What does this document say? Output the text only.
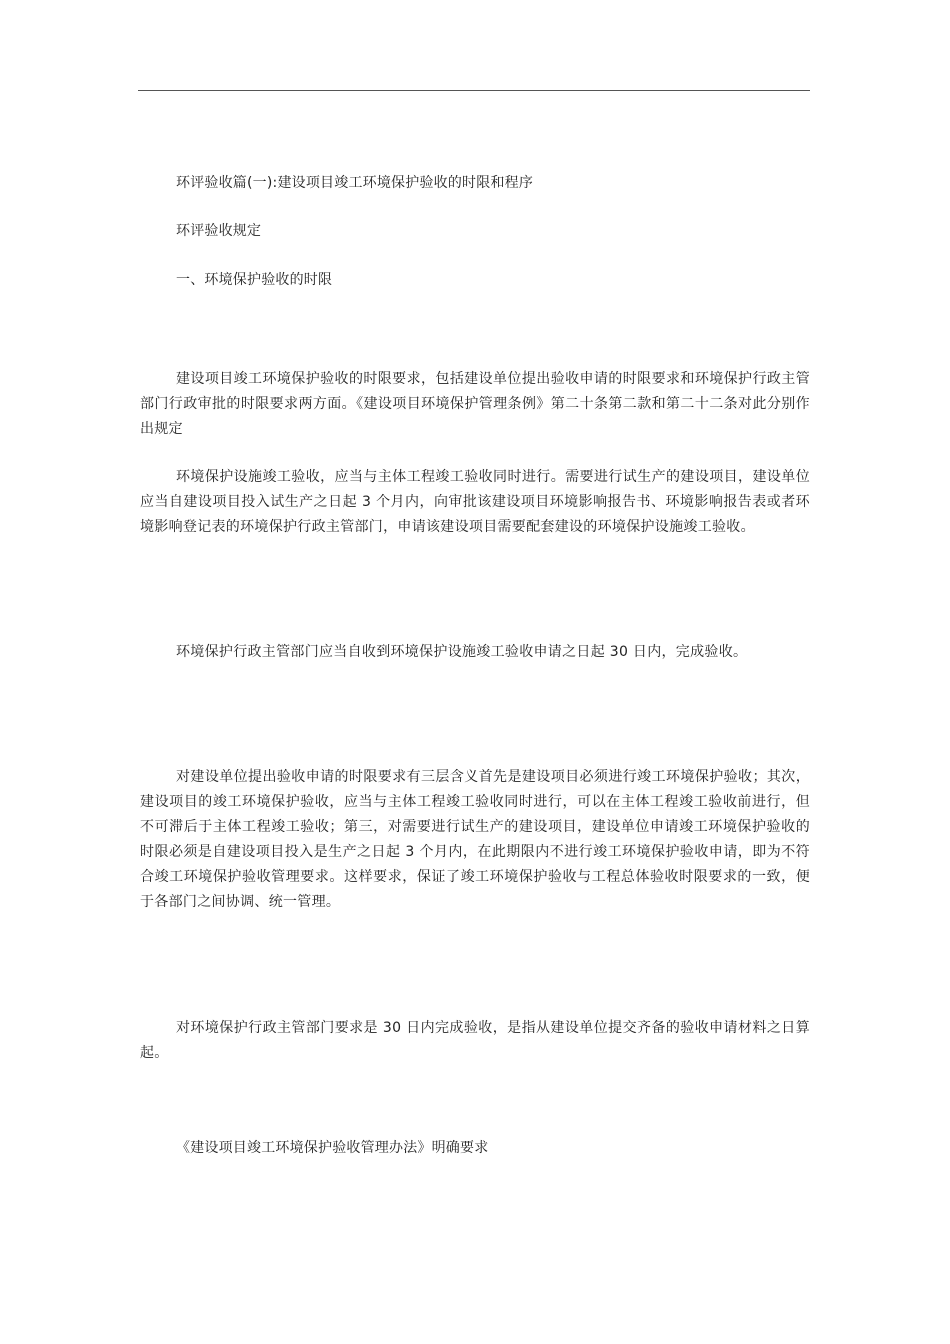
环评验收篇(一):建设项目竣工环境保护验收的时限和程序
环评验收规定
一、环境保护验收的时限
建设项目竣工环境保护验收的时限要求，包括建设单位提出验收申请的时限要求和环境保护行政主管部门行政审批的时限要求两方面。《建设项目环境保护管理条例》第二十条第二款和第二十二条对此分别作出规定
环境保护设施竣工验收，应当与主体工程竣工验收同时进行。需要进行试生产的建设项目，建设单位应当自建设项目投入试生产之日起 3 个月内，向审批该建设项目环境影响报告书、环境影响报告表或者环境影响登记表的环境保护行政主管部门，申请该建设项目需要配套建设的环境保护设施竣工验收。
环境保护行政主管部门应当自收到环境保护设施竣工验收申请之日起 30 日内，完成验收。
对建设单位提出验收申请的时限要求有三层含义首先是建设项目必须进行竣工环境保护验收；其次，建设项目的竣工环境保护验收，应当与主体工程竣工验收同时进行，可以在主体工程竣工验收前进行，但不可滞后于主体工程竣工验收；第三，对需要进行试生产的建设项目，建设单位申请竣工环境保护验收的时限必须是自建设项目投入是生产之日起 3 个月内，在此期限内不进行竣工环境保护验收申请，即为不符合竣工环境保护验收管理要求。这样要求，保证了竣工环境保护验收与工程总体验收时限要求的一致，便于各部门之间协调、统一管理。
对环境保护行政主管部门要求是 30 日内完成验收，是指从建设单位提交齐备的验收申请材料之日算起。
《建设项目竣工环境保护验收管理办法》明确要求
